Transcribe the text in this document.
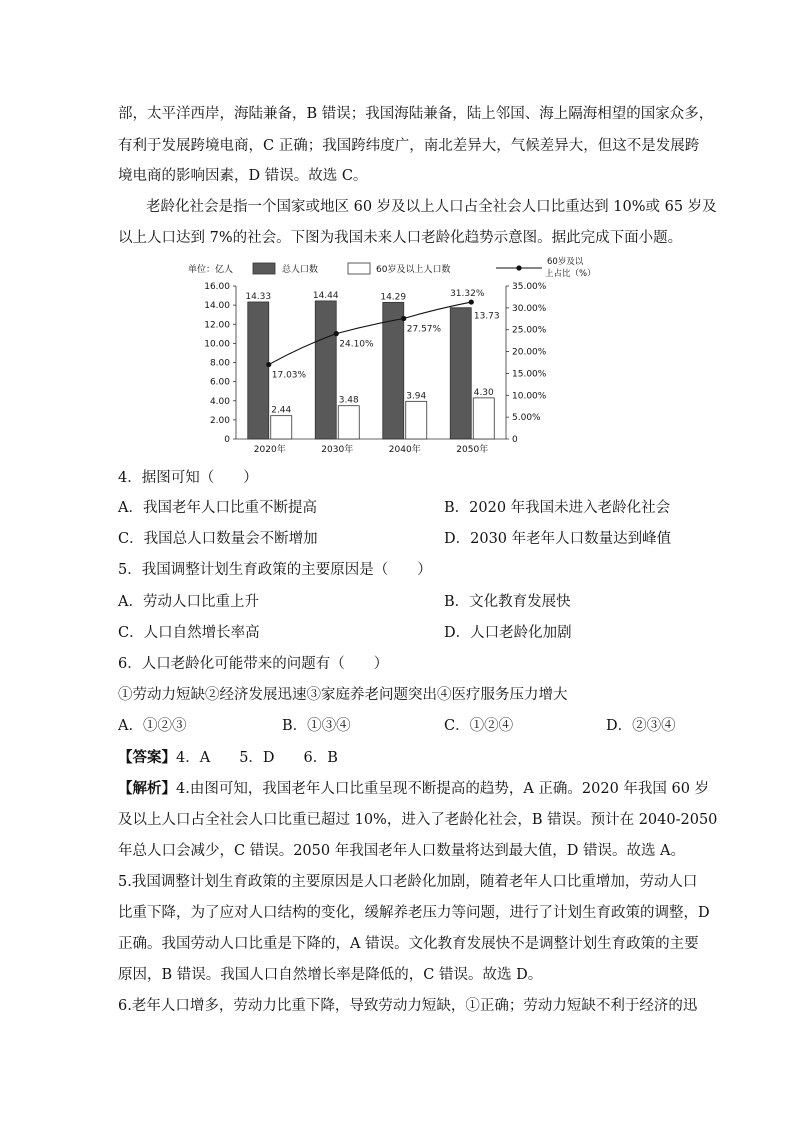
部，太平洋西岸，海陆兼备，B 错误；我国海陆兼备，陆上邻国、海上隔海相望的国家众多，
有利于发展跨境电商，C 正确；我国跨纬度广，南北差异大，气候差异大，但这不是发展跨
境电商的影响因素，D 错误。故选 C。
老龄化社会是指一个国家或地区 60 岁及以上人口占全社会人口比重达到 10%或 65 岁及
以上人口达到 7%的社会。下图为我国未来人口老龄化趋势示意图。据此完成下面小题。
单位：亿人	总人口数	60岁及以上人口数
60岁及以
上占比（%）
0
2.00
4.00
6.00
8.00
10.00
12.00
14.00
16.00
0
5.00%
10.00%
15.00%
20.00%
25.00%
30.00%
35.00%
2020年	2030年	2040年	2050年
14.33
2.44
14.44
3.48
14.29
3.94
13.73
4.30
17.03%
24.10%
27.57%
31.32%
4．据图可知（　　）
A．我国老年人口比重不断提高	B．2020 年我国未进入老龄化社会
C．我国总人口数量会不断增加	D．2030 年老年人口数量达到峰值
5．我国调整计划生育政策的主要原因是（　　）
A．劳动人口比重上升	B．文化教育发展快
C．人口自然增长率高	D．人口老龄化加剧
6．人口老龄化可能带来的问题有（　　）
①劳动力短缺②经济发展迅速③家庭养老问题突出④医疗服务压力增大
A．①②③	B．①③④	C．①②④	D．②③④
【答案】4．A　　5．D　　6．B
【解析】4.由图可知，我国老年人口比重呈现不断提高的趋势，A 正确。2020 年我国 60 岁
及以上人口占全社会人口比重已超过 10%，进入了老龄化社会，B 错误。预计在 2040-2050
年总人口会减少，C 错误。2050 年我国老年人口数量将达到最大值，D 错误。故选 A。
5.我国调整计划生育政策的主要原因是人口老龄化加剧，随着老年人口比重增加，劳动人口
比重下降，为了应对人口结构的变化，缓解养老压力等问题，进行了计划生育政策的调整，D
正确。我国劳动人口比重是下降的，A 错误。文化教育发展快不是调整计划生育政策的主要
原因，B 错误。我国人口自然增长率是降低的，C 错误。故选 D。
6.老年人口增多，劳动力比重下降，导致劳动力短缺，①正确；劳动力短缺不利于经济的迅
